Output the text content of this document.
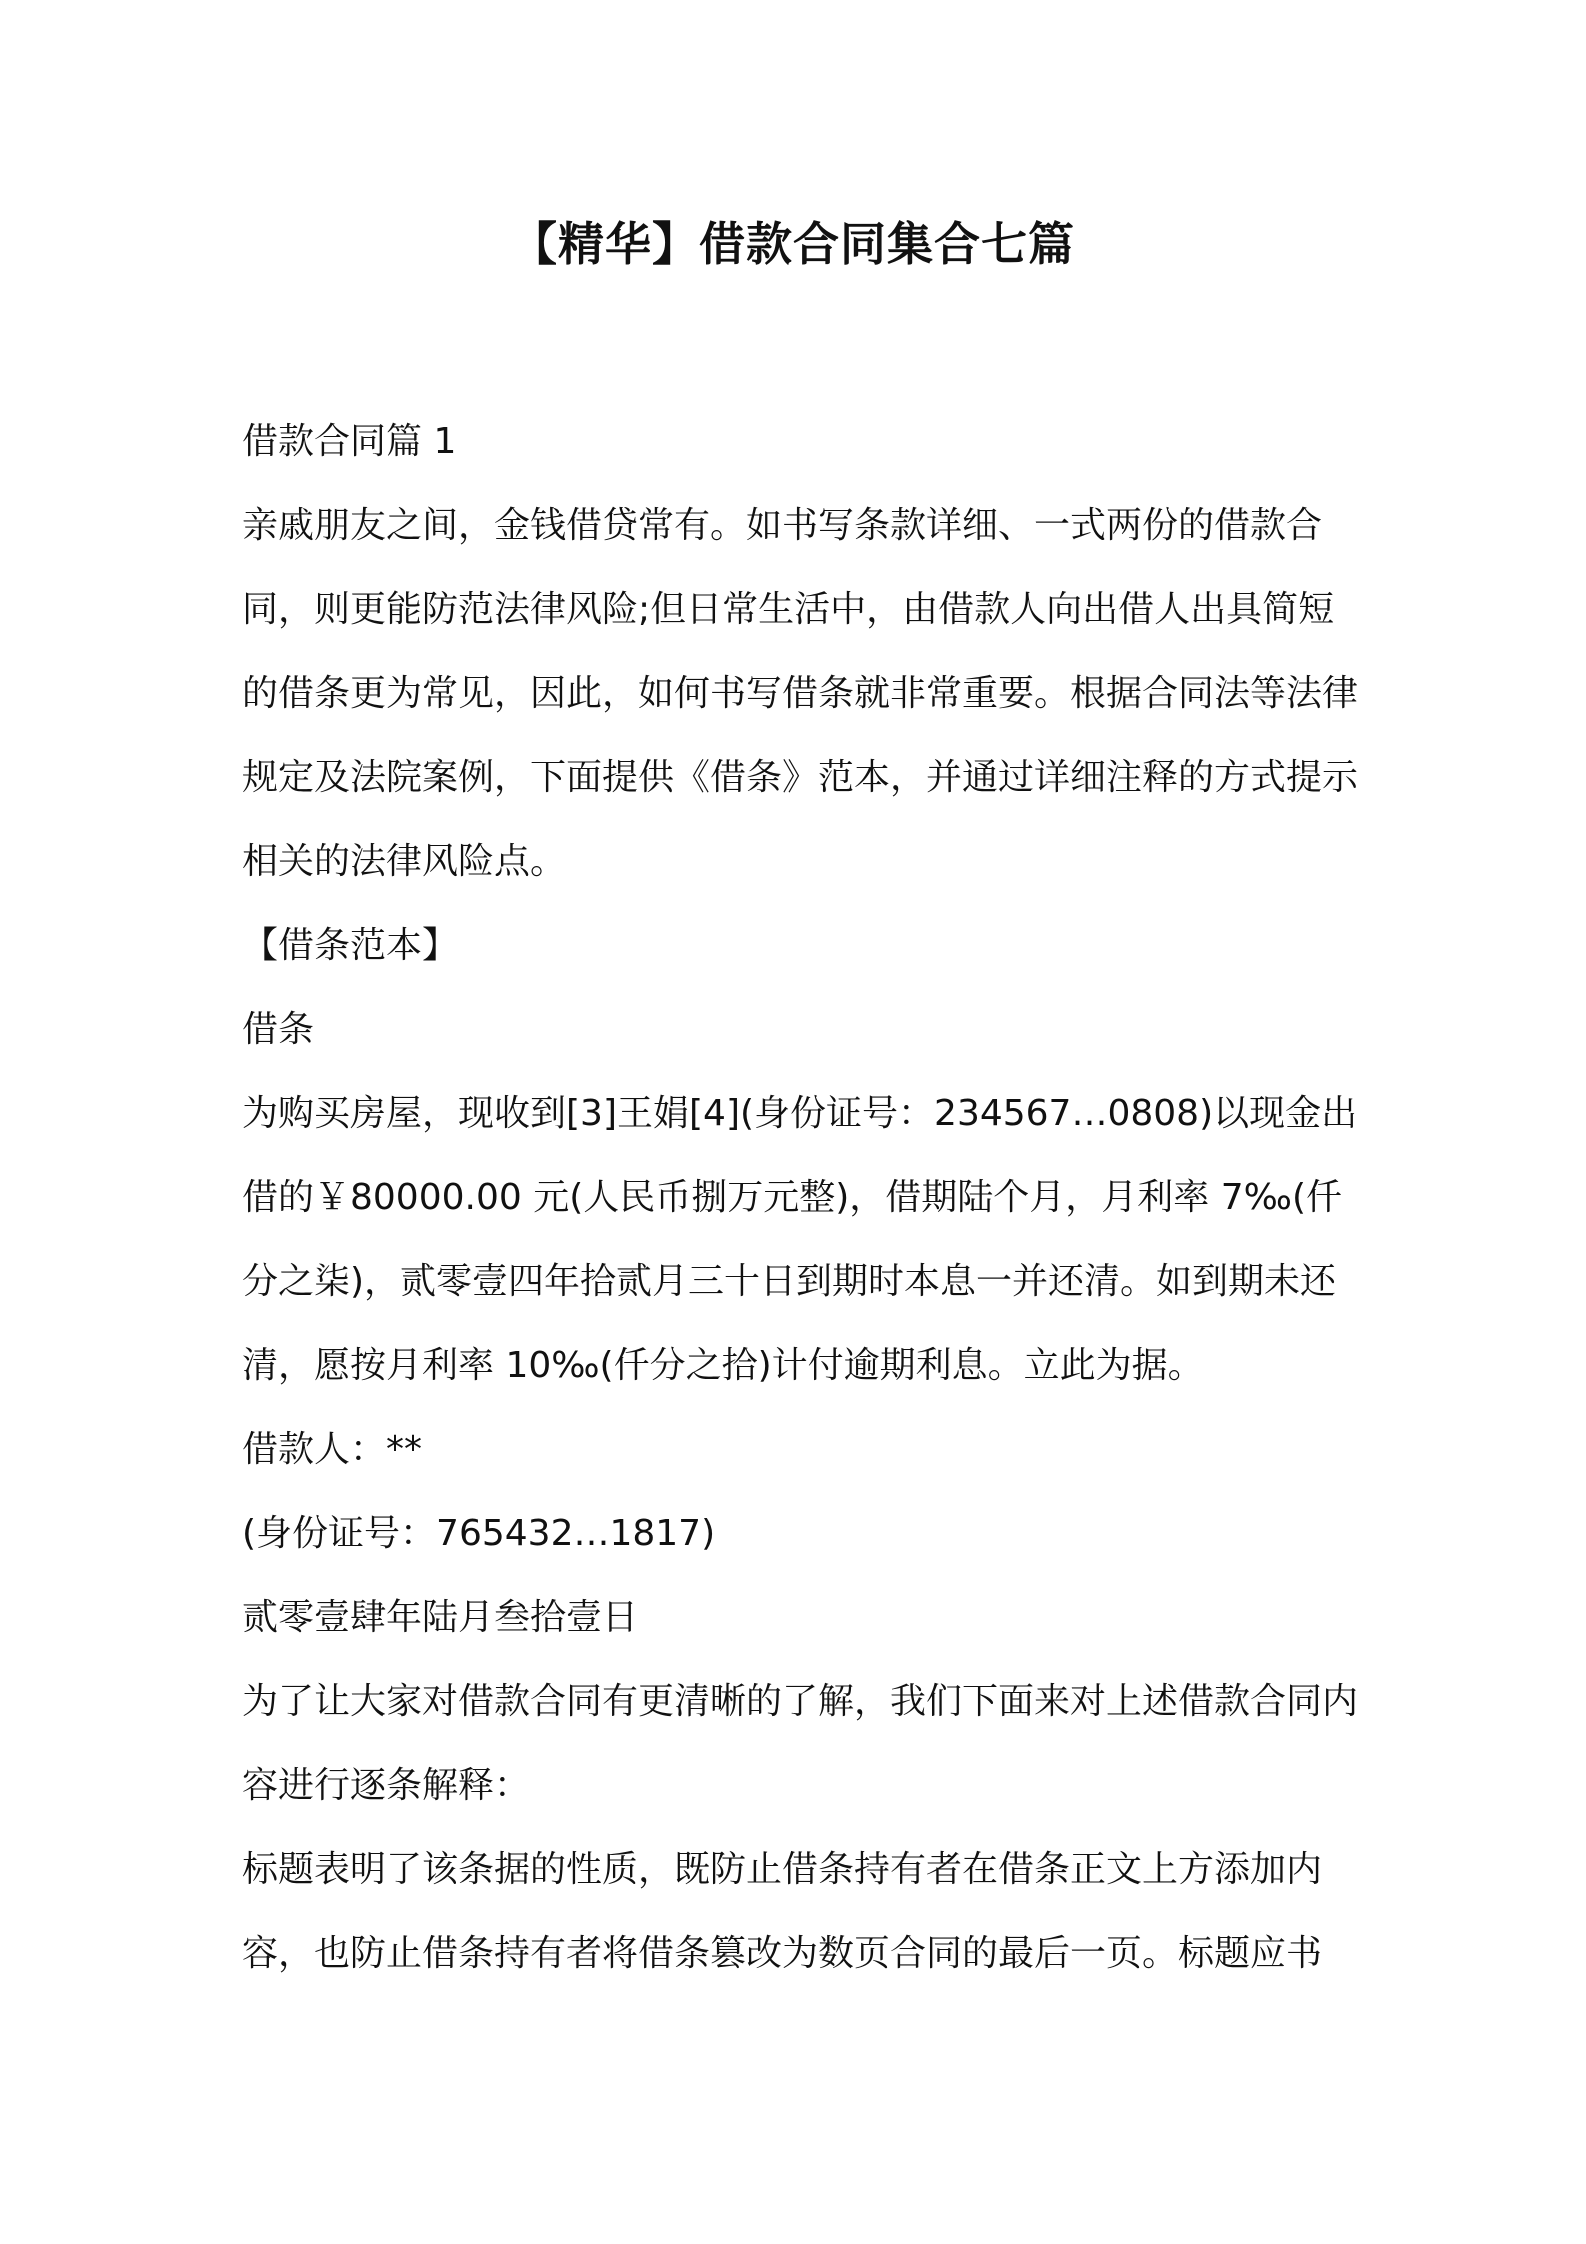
【精华】借款合同集合七篇

借款合同篇 1

亲戚朋友之间，金钱借贷常有。如书写条款详细、一式两份的借款合同，则更能防范法律风险;但日常生活中，由借款人向出借人出具简短的借条更为常见，因此，如何书写借条就非常重要。根据合同法等法律规定及法院案例，下面提供《借条》范本，并通过详细注释的方式提示相关的法律风险点。

【借条范本】

借条

为购买房屋，现收到[3]王娟[4](身份证号：234567…0808)以现金出借的￥80000.00 元(人民币捌万元整)，借期陆个月，月利率 7‰(仟分之柒)，贰零壹四年拾贰月三十日到期时本息一并还清。如到期未还清，愿按月利率 10‰(仟分之拾)计付逾期利息。立此为据。

借款人：**

(身份证号：765432…1817)

贰零壹肆年陆月叁拾壹日

为了让大家对借款合同有更清晰的了解，我们下面来对上述借款合同内容进行逐条解释：

标题表明了该条据的性质，既防止借条持有者在借条正文上方添加内容，也防止借条持有者将借条篡改为数页合同的最后一页。标题应书
